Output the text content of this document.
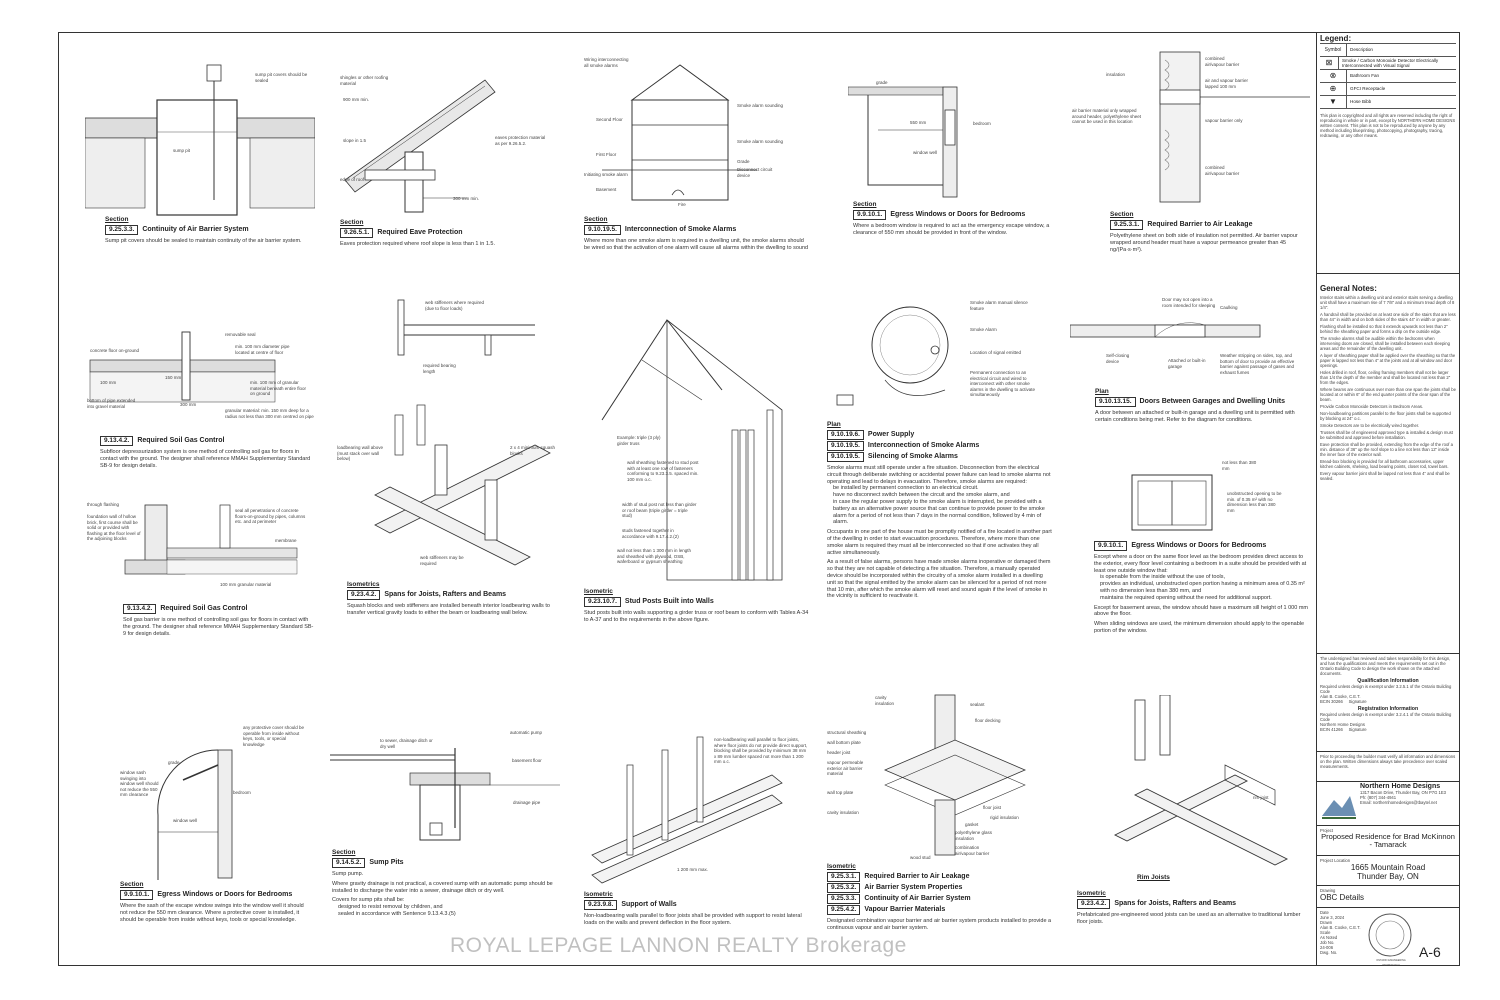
sump pit covers should be sealed
sump pit
Section
9.25.3.3. Continuity of Air Barrier System
Sump pit covers should be sealed to maintain continuity of the air barrier system.
shingles or other roofing material
900 mm min.
slope in 1.5
eaves protection material as per 9.26.5.2.
edge of roof
300 mm min.
Section
9.26.5.1. Required Eave Protection
Eaves protection required where roof slope is less than 1 in 1.5.
Wiring interconnecting all smoke alarms
Smoke alarm sounding
Second Floor
Smoke alarm sounding
First Floor
Grade
Disconnect circuit device
Initiating smoke alarm
Basement
Fire
Section
9.10.19.5. Interconnection of Smoke Alarms
Where more than one smoke alarm is required in a dwelling unit, the smoke alarms should be wired so that the activation of one alarm will cause all alarms within the dwelling to sound
grade
550 mm	bedroom
window well
Section
9.9.10.1. Egress Windows or Doors for Bedrooms
Where a bedroom window is required to act as the emergency escape window, a clearance of 550 mm should be provided in front of the window.
insulation
combined air/vapour barrier
air and vapour barrier lapped 100 mm
air barrier material only wrapped around header, polyethylene sheet cannot be used in this location	vapour barrier only
combined air/vapour barrier
Section
9.25.3.1. Required Barrier to Air Leakage
Polyethylene sheet on both side of insulation not permitted. Air barrier vapour wrapped around header must have a vapour permeance greater than 45 ng/(Pa·s·m²).
removable seal
concrete floor on-ground
min. 100 mm diameter pipe located at centre of floor
100 mm
150 mm
300 mm
bottom of pipe extended into gravel material
min. 100 mm of granular material beneath entire floor on ground
granular material: min. 150 mm deep for a radius not less than 300 mm centred on pipe
9.13.4.2. Required Soil Gas Control
Subfloor depressurization system is one method of controlling soil gas for floors in contact with the ground. The designer shall reference MMAH Supplementary Standard SB-9 for design details.
through flashing
foundation wall of hollow brick, first course shall be solid or provided with flashing at the floor level of the adjoining blocks
seal all penetrations of concrete floors-on-ground by pipes, columns etc. and at perimeter
membrane
100 mm granular material
9.13.4.2. Required Soil Gas Control
Soil gas barrier is one method of controlling soil gas for floors in contact with the ground. The designer shall reference MMAH Supplementary Standard SB-9 for design details.
web stiffeners where required (due to floor loads)
required bearing length
loadbearing wall above (must stack over wall below)
2 x 4 minimum squash blocks
web stiffeners may be required
Isometrics
9.23.4.2. Spans for Joists, Rafters and Beams
Squash blocks and web stiffeners are installed beneath interior loadbearing walls to transfer vertical gravity loads to either the beam or loadbearing wall below.
Example: triple (3 ply) girder truss
wall sheathing fastened to stud post with at least one row of fasteners conforming to 9.23.3.5. spaced min. 100 mm o.c.
width of stud post not less than girder or roof beam (triple girder = triple stud)
studs fastened together in accordance with 9.17.4.2.(2)
wall not less than 1 300 mm in length and sheathed with plywood, OSB, waferboard or gypsum sheathing
Isometric
9.23.10.7. Stud Posts Built into Walls
Stud posts built into walls supporting a girder truss or roof beam to conform with Tables A-34 to A-37 and to the requirements in the above figure.
Smoke alarm manual silence feature
Smoke Alarm
Location of signal emitted
Permanent connection to an electrical circuit and wired to interconnect with other smoke alarms in the dwelling to activate simultaneously
Plan
9.10.19.6. Power Supply
9.10.19.5. Interconnection of Smoke Alarms
9.10.19.5. Silencing of Smoke Alarms
Smoke alarms must still operate under a fire situation. Disconnection from the electrical circuit through deliberate switching or accidental power failure can lead to smoke alarms not operating and lead to delays in evacuation. Therefore, smoke alarms are required:
be installed by permanent connection to an electrical circuit.
have no disconnect switch between the circuit and the smoke alarm, and
in case the regular power supply to the smoke alarm is interrupted, be provided with a battery as an alternative power source that can continue to provide power to the smoke alarm for a period of not less than 7 days in the normal condition, followed by 4 min of alarm.
Occupants in one part of the house must be promptly notified of a fire located in another part of the dwelling in order to start evacuation procedures. Therefore, where more than one smoke alarm is required they must all be interconnected so that if one activates they all active simultaneously.
As a result of false alarms, persons have made smoke alarms inoperative or damaged them so that they are not capable of detecting a fire situation. Therefore, a manually operated device should be incorporated within the circuitry of a smoke alarm installed in a dwelling unit so that the signal emitted by the smoke alarm can be silenced for a period of not more that 10 min, after which the smoke alarm will reset and sound again if the level of smoke in the vicinity is sufficient to reactivate it.
Door may not open into a room intended for sleeping	Caulking
Self-closing device	Attached or built-in garage
Weather stripping on sides, top, and bottom of door to provide an effective barrier against passage of gases and exhaust fumes
Plan
9.10.13.15. Doors Between Garages and Dwelling Units
A door between an attached or built-in garage and a dwelling unit is permitted with certain conditions being met. Refer to the diagram for conditions.
not less than 380 mm
unobstructed opening to be min. of 0.35 m² with no dimension less than 380 mm
9.9.10.1. Egress Windows or Doors for Bedrooms
Except where a door on the same floor level as the bedroom provides direct access to the exterior, every floor level containing a bedroom in a suite should be provided with at least one outside window that:
is openable from the inside without the use of tools,
provides an individual, unobstructed open portion having a minimum area of 0.35 m² with no dimension less than 380 mm, and
maintains the required opening without the need for additional support.
Except for basement areas, the window should have a maximum sill height of 1 000 mm above the floor.
When sliding windows are used, the minimum dimension should apply to the openable portion of the window.
any protective cover should be operable from inside without keys, tools, or special knowledge
grade
window sash swinging into window well should not reduce the 550 mm clearance	bedroom
window well
Section
9.9.10.1. Egress Windows or Doors for Bedrooms
Where the sash of the escape window swings into the window well it should not reduce the 550 mm clearance. Where a protective cover is installed, it should be operable from inside without keys, tools or special knowledge.
to sewer, drainage ditch or dry well
automatic pump
basement floor
drainage pipe
Section
9.14.5.2. Sump Pits
Sump pump.
Where gravity drainage is not practical, a covered sump with an automatic pump should be installed to discharge the water into a sewer, drainage ditch or dry well.
Covers for sump pits shall be:
designed to resist removal by children, and
sealed in accordance with Sentence 9.13.4.3.(5)
non-loadbearing wall parallel to floor joists, where floor joists do not provide direct support, blocking shall be provided by minimum 38 mm x 89 mm lumber spaced not more than 1 200 mm o.c.
1 200 mm max.
Isometric
9.23.9.8. Support of Walls
Non-loadbearing walls parallel to floor joists shall be provided with support to resist lateral loads on the walls and prevent deflection in the floor system.
cavity insulation
structural sheathing
wall bottom plate
header joist
vapour permeable exterior air barrier material
sealant
floor decking
wall top plate
cavity insulation
floor joist
rigid insulation
gasket
polyethylene glass insulation
combination air/vapour barrier
wood stud
Isometric
9.25.3.1. Required Barrier to Air Leakage
9.25.3.2. Air Barrier System Properties
9.25.3.3. Continuity of Air Barrier System
9.25.4.2. Vapour Barrier Materials
Designated combination vapour barrier and air barrier system products installed to provide a continuous vapour and air barrier system.
rim joist
Rim Joists
Isometric
9.23.4.2. Spans for Joists, Rafters and Beams
Prefabricated pre-engineered wood joists can be used as an alternative to traditional lumber floor joists.
Legend:
Symbol	Description
⊠	Smoke / Carbon Monoxide Detector Electrically Interconnected with Visual Signal
⊗	Bathroom Fan
⊕	GFCI Receptacle
▼	Hose Bibb
This plan is copyrighted and all rights are reserved including the right of reproducing in whole or in part, except by NORTHERN HOME DESIGNS written consent. This plan is not to be reproduced by anyone by any method including blueprinting, photocopying, photography, tracing, redrawing, or any other means.
General Notes:
Interior stairs within a dwelling unit and exterior stairs serving a dwelling unit shall have a maximum rise of 7 7/8" and a minimum tread depth of 8 1/4".
A handrail shall be provided on at least one side of the stairs that are less than 44" in width and on both sides of the stairs 44" in width or greater.
Flashing shall be installed so that it extends upwards not less than 2" behind the sheathing paper and forms a drip on the outside edge.
The smoke alarms shall be audible within the bedrooms when intervening doors are closed, shall be installed between each sleeping areas and the remainder of the dwelling unit.
A layer of sheathing paper shall be applied over the sheathing so that the paper is lapped not less than 4" at the joints and at all window and door openings.
Holes drilled in roof, floor, ceiling framing members shall not be larger than 1/4 the depth of the member and shall be located not less than 2" from the edges.
Where beams are continuous over more than one span the joints shall be located at or within 6" of the end quarter points of the clear span of the beam.
Provide Carbon Monoxide Detectors in Bedroom Areas.
Non-loadbearing partitions parallel to the floor joists shall be supported by blocking at 24" o.c.
Smoke Detectors are to be electrically wired together.
Trusses shall be of engineered approved type & installed & design must be submitted and approved before installation.
Eave protection shall be provided, extending from the edge of the roof a min. distance of 36" up the roof slope to a line not less than 12" inside the inner face of the exterior wall.
Bread-box blocking is provided for all bathroom accessories, upper kitchen cabinets, shelving, load bearing points, closet rod, towel bars.
Every vapour barrier joint shall be lapped not less than 4" and shall be sealed.
The undersigned has reviewed and takes responsibility for this design, and has the qualifications and meets the requirements set out in the Ontario Building Code to design the work shown on the attached documents.
Qualification Information
Required unless design is exempt under 3.2.5.1 of the Ontario Building Code
Alan B. Cooke, C.E.T.
BCIN 30266 Signature
Registration Information
Required unless design is exempt under 3.2.4.1 of the Ontario Building Code
Northern Home Designs
BCIN 41266 Signature
Prior to proceeding the builder must verify all information and dimensions on the plan. Written dimensions always take precedence over scaled measurements.
Northern Home Designs
1317 Bacon Drive, Thunder Bay, ON P7G 1E3
Ph: (807) 344-4941
Email: northernhomedesigns@tbaytel.net
Project
Proposed Residence for Brad McKinnon - Tamarack
Project Location
1665 Mountain Road
Thunder Bay, ON
Drawing
OBC Details
Date
June 3, 2024
Drawn
Alan B. Cooke, C.E.T.
Scale
As Noted
Job No.
24-006
Dwg. No.
ONTARIO ENGINEERING TECHNOLOGY
A-6
ROYAL LEPAGE LANNON REALTY Brokerage
